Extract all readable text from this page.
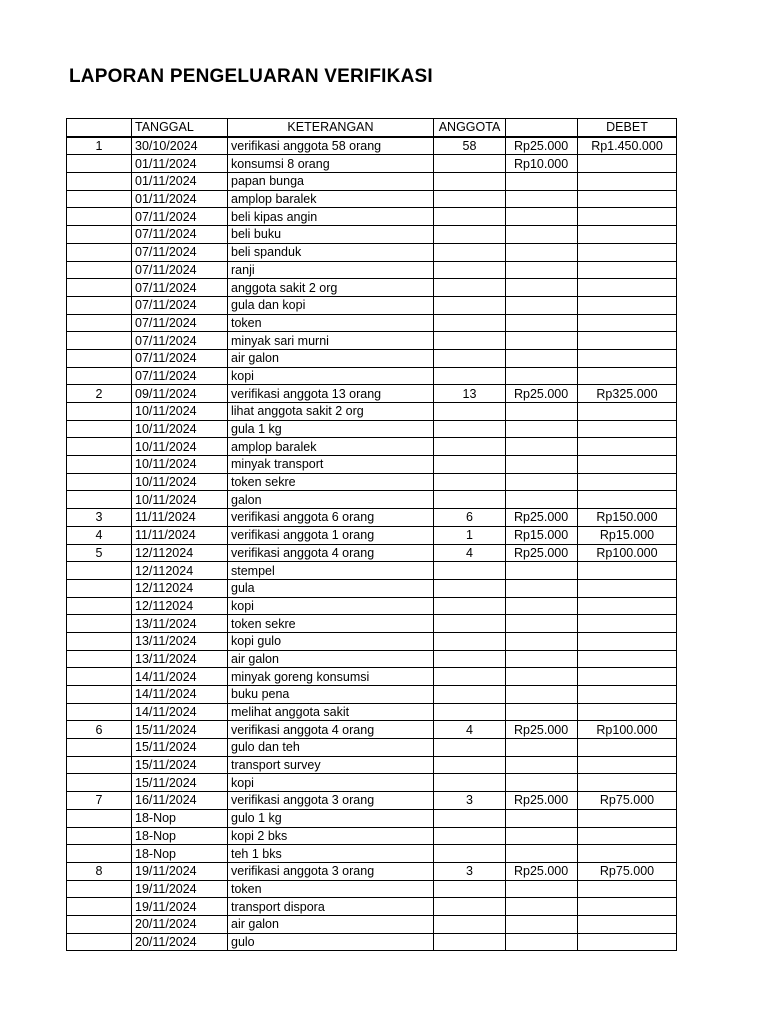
LAPORAN PENGELUARAN VERIFIKASI
	TANGGAL	KETERANGAN	ANGGOTA		DEBET
1	30/10/2024	verifikasi anggota 58 orang	58	Rp25.000	Rp1.450.000
	01/11/2024	konsumsi 8 orang		Rp10.000	
	01/11/2024	papan bunga			
	01/11/2024	amplop baralek			
	07/11/2024	beli kipas angin			
	07/11/2024	beli buku			
	07/11/2024	beli spanduk			
	07/11/2024	ranji			
	07/11/2024	anggota sakit 2 org			
	07/11/2024	gula dan kopi			
	07/11/2024	token			
	07/11/2024	minyak sari murni			
	07/11/2024	air galon			
	07/11/2024	kopi			
2	09/11/2024	verifikasi anggota 13 orang	13	Rp25.000	Rp325.000
	10/11/2024	lihat anggota sakit 2 org			
	10/11/2024	gula 1 kg			
	10/11/2024	amplop baralek			
	10/11/2024	minyak transport			
	10/11/2024	token sekre			
	10/11/2024	galon			
3	11/11/2024	verifikasi anggota 6 orang	6	Rp25.000	Rp150.000
4	11/11/2024	verifikasi anggota 1 orang	1	Rp15.000	Rp15.000
5	12/112024	verifikasi anggota 4 orang	4	Rp25.000	Rp100.000
	12/112024	stempel			
	12/112024	gula			
	12/112024	kopi			
	13/11/2024	token sekre			
	13/11/2024	kopi gulo			
	13/11/2024	air galon			
	14/11/2024	minyak goreng konsumsi			
	14/11/2024	buku pena			
	14/11/2024	melihat anggota sakit			
6	15/11/2024	verifikasi anggota 4 orang	4	Rp25.000	Rp100.000
	15/11/2024	gulo dan teh			
	15/11/2024	transport survey			
	15/11/2024	kopi			
7	16/11/2024	verifikasi anggota 3 orang	3	Rp25.000	Rp75.000
	18-Nop	gulo 1 kg			
	18-Nop	kopi 2 bks			
	18-Nop	teh 1 bks			
8	19/11/2024	verifikasi anggota 3 orang	3	Rp25.000	Rp75.000
	19/11/2024	token			
	19/11/2024	transport dispora			
	20/11/2024	air galon			
	20/11/2024	gulo			
